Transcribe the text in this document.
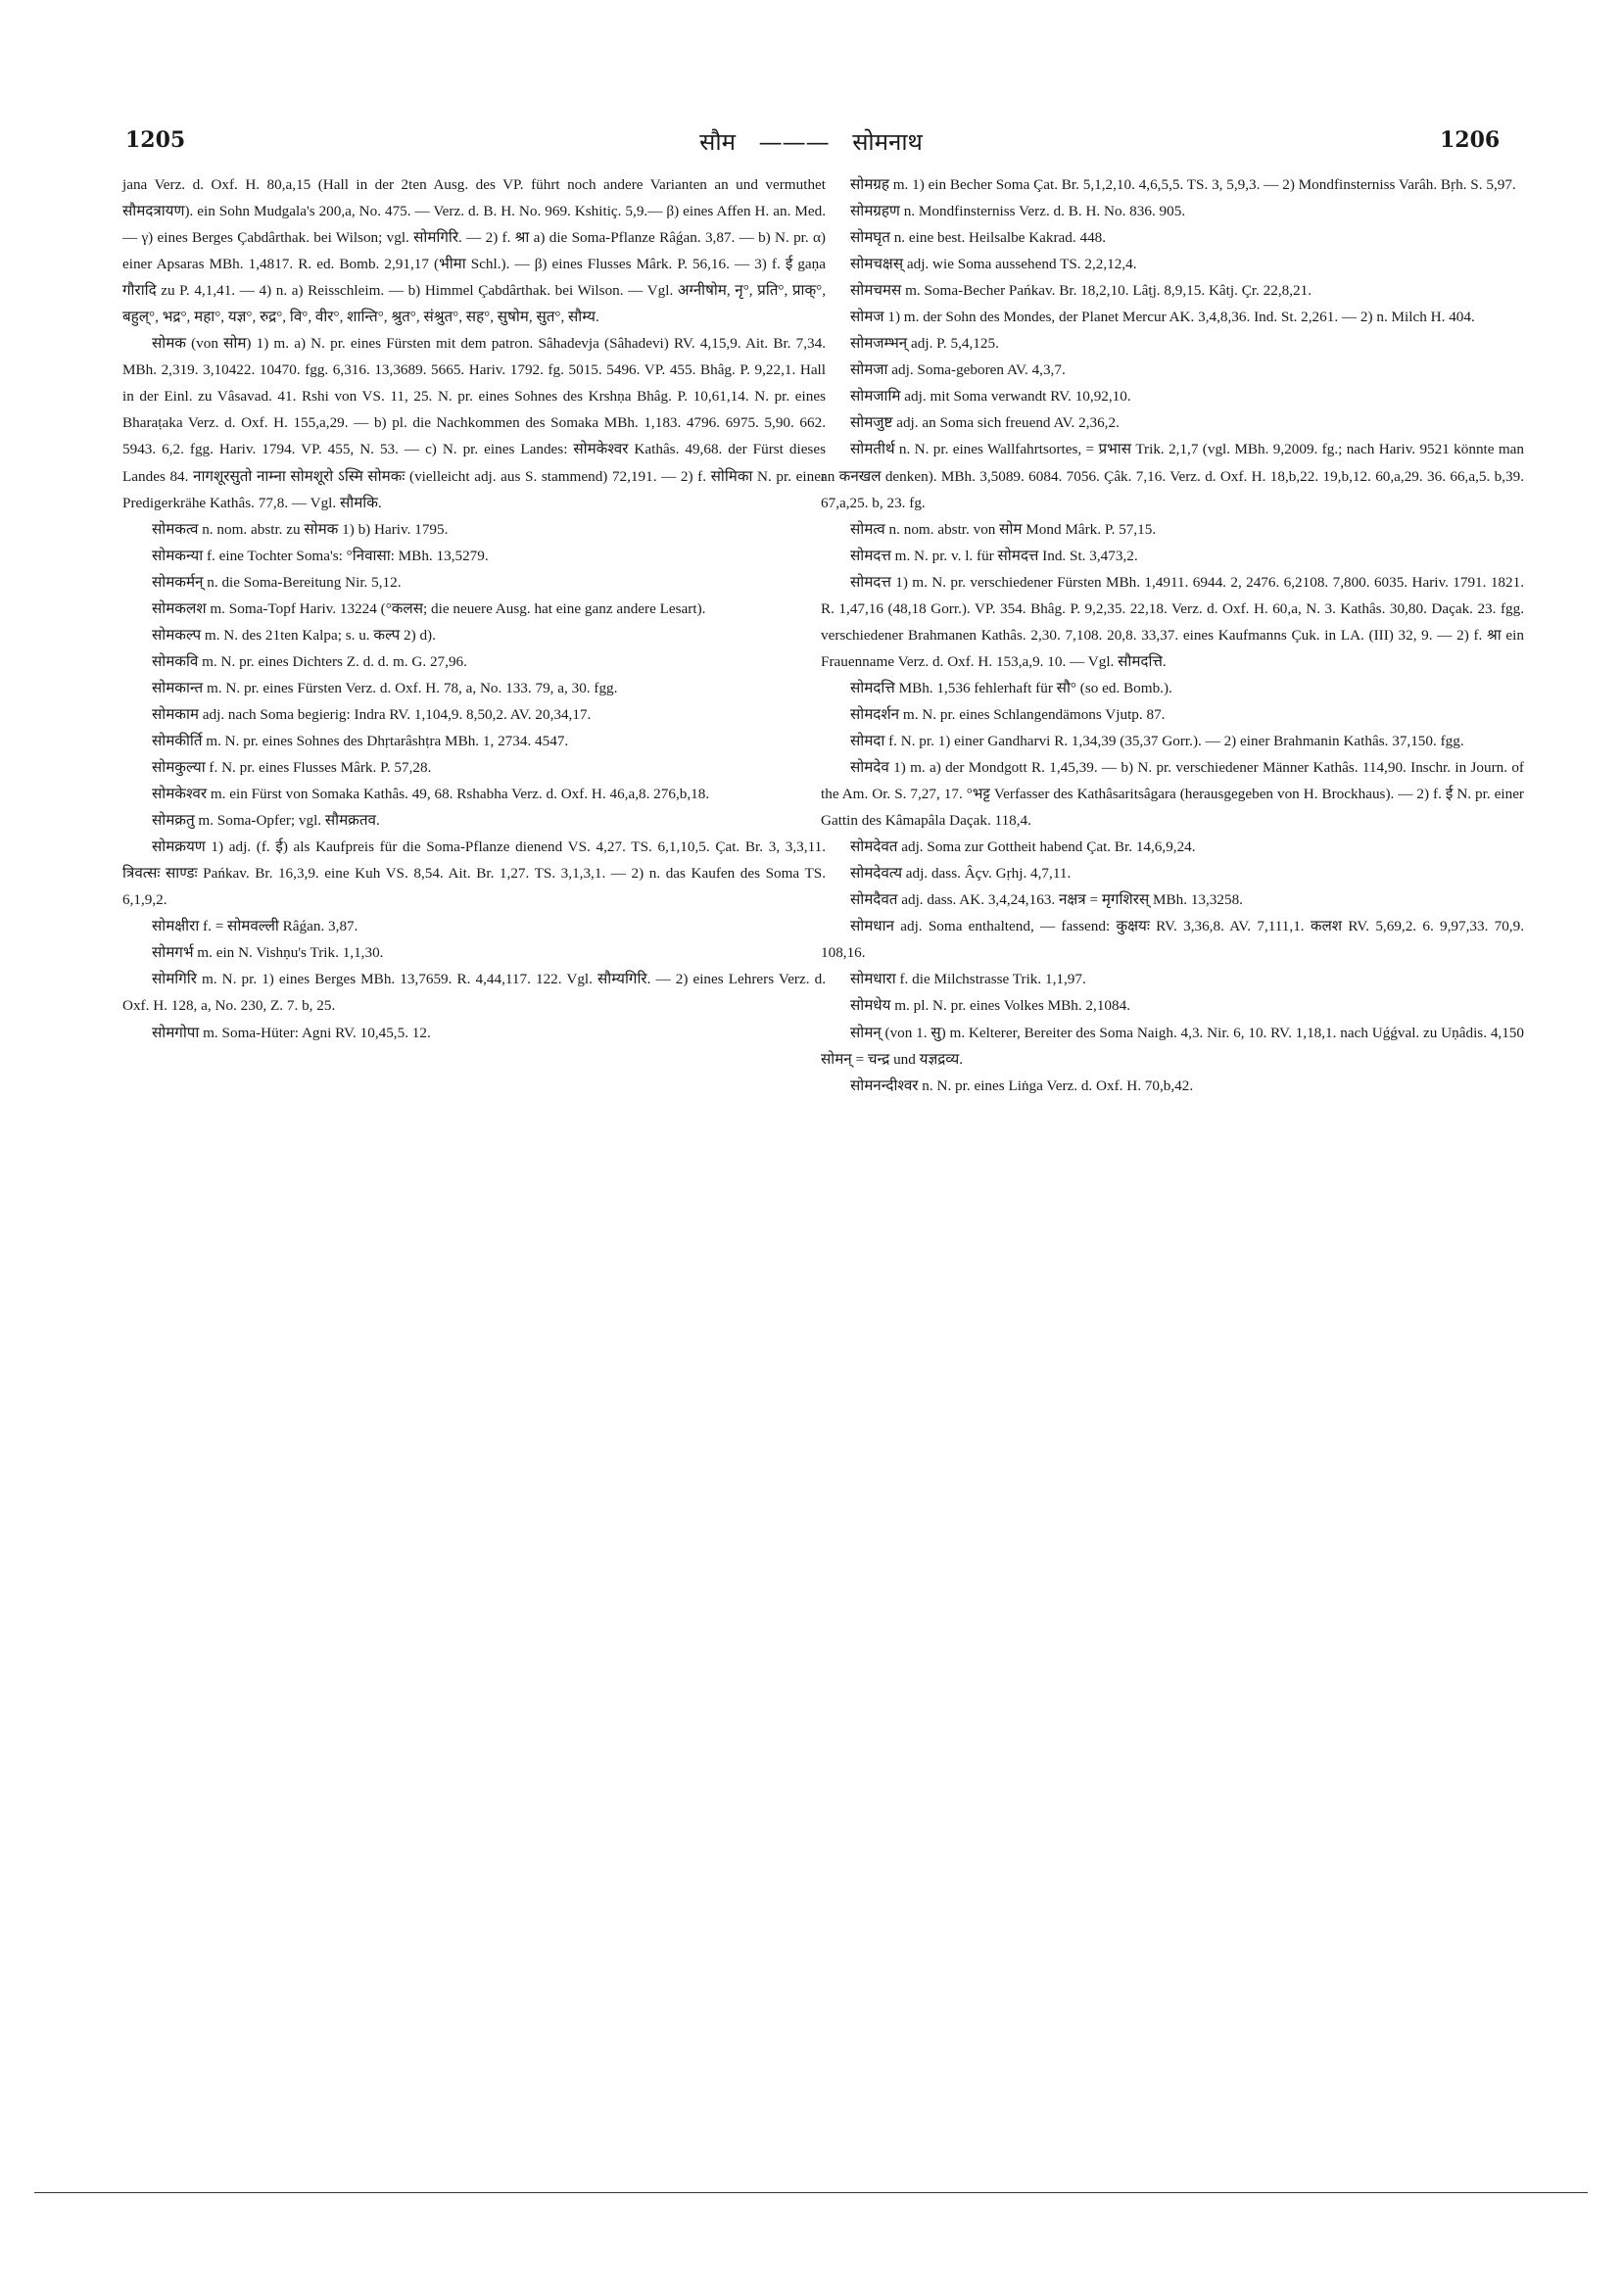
1205	सौम ——— सोमनाथ	1206

jana Verz. d. Oxf. H. 80,a,15 (Hall in der 2ten Ausg. des VP. führt noch andere Varianten an und vermuthet सौमदत्रायण). ein Sohn Mudgala's 200,a, No. 475. — Verz. d. B. H. No. 969. Kshitiç. 5,9.— β) eines Affen H. an. Med. — γ) eines Berges Çabdârthak. bei Wilson; vgl. सोमगिरि. — 2) f. श्रा a) die Soma-Pflanze Râǵan. 3,87. — b) N. pr. α) einer Apsaras MBh. 1,4817. R. ed. Bomb. 2,91,17 (भीमा Schl.). — β) eines Flusses Mârk. P. 56,16. — 3) f. ई gaṇa गौरादि zu P. 4,1,41. — 4) n. a) Reisschleim. — b) Himmel Çabdârthak. bei Wilson. — Vgl. अग्नीषोम, नृ°, प्रति°, प्राक्°, बहुल्°, भद्र°, महा°, यज्ञ°, रुद्र°, वि°, वीर°, शान्ति°, श्रुत°, संश्रुत°, सह°, सुषोम, सुत°, सौम्य.

सोमक (von सोम) 1) m. a) N. pr. eines Fürsten mit dem patron. Sâhadevja (Sâhadevi) RV. 4,15,9. Ait. Br. 7,34. MBh. 2,319. 3,10422. 10470. fgg. 6,316. 13,3689. 5665. Hariv. 1792. fg. 5015. 5496. VP. 455. Bhâg. P. 9,22,1. Hall in der Einl. zu Vâsavad. 41. Rshi von VS. 11, 25. N. pr. eines Sohnes des Krshṇa Bhâg. P. 10,61,14. N. pr. eines Bharaṭaka Verz. d. Oxf. H. 155,a,29. — b) pl. die Nachkommen des Somaka MBh. 1,183. 4796. 6975. 5,90. 662. 5943. 6,2. fgg. Hariv. 1794. VP. 455, N. 53. — c) N. pr. eines Landes: सोमकेश्वर Kathâs. 49,68. der Fürst dieses Landes 84. नागशूरसुतो नाम्ना सोमशूरो ऽस्मि सोमकः (vielleicht adj. aus S. stammend) 72,191. — 2) f. सोमिका N. pr. einer Predigerkrähe Kathâs. 77,8. — Vgl. सौमकि.

सोमकत्व n. nom. abstr. zu सोमक 1) b) Hariv. 1795.

सोमकन्या f. eine Tochter Soma's: °निवासा: MBh. 13,5279.

सोमकर्मन् n. die Soma-Bereitung Nir. 5,12.

सोमकलश m. Soma-Topf Hariv. 13224 (°कलस; die neuere Ausg. hat eine ganz andere Lesart).

सोमकल्प m. N. des 21ten Kalpa; s. u. कल्प 2) d).

सोमकवि m. N. pr. eines Dichters Z. d. d. m. G. 27,96.

सोमकान्त m. N. pr. eines Fürsten Verz. d. Oxf. H. 78, a, No. 133. 79, a, 30. fgg.

सोमकाम adj. nach Soma begierig: Indra RV. 1,104,9. 8,50,2. AV. 20,34,17.

सोमकीर्ति m. N. pr. eines Sohnes des Dhṛtarâshṭra MBh. 1, 2734. 4547.

सोमकुल्या f. N. pr. eines Flusses Mârk. P. 57,28.

सोमकेश्वर m. ein Fürst von Somaka Kathâs. 49, 68. Rshabha Verz. d. Oxf. H. 46,a,8. 276,b,18.

सोमक्रतु m. Soma-Opfer; vgl. सौमक्रतव.

सोमक्रयण 1) adj. (f. ई) als Kaufpreis für die Soma-Pflanze dienend VS. 4,27. TS. 6,1,10,5. Çat. Br. 3, 3,3,11. त्रिवत्सः साण्डः Pańkav. Br. 16,3,9. eine Kuh VS. 8,54. Ait. Br. 1,27. TS. 3,1,3,1. — 2) n. das Kaufen des Soma TS. 6,1,9,2.

सोमक्षीरा f. = सोमवल्ली Râǵan. 3,87.

सोमगर्भ m. ein N. Vishṇu's Trik. 1,1,30.

सोमगिरि m. N. pr. 1) eines Berges MBh. 13,7659. R. 4,44,117. 122. Vgl. सौम्यगिरि. — 2) eines Lehrers Verz. d. Oxf. H. 128, a, No. 230, Z. 7. b, 25.

सोमगोपा m. Soma-Hüter: Agni RV. 10,45,5. 12.

सोमग्रह m. 1) ein Becher Soma Çat. Br. 5,1,2,10. 4,6,5,5. TS. 3, 5,9,3. — 2) Mondfinsterniss Varâh. Bṛh. S. 5,97.

सोमग्रहण n. Mondfinsterniss Verz. d. B. H. No. 836. 905.

सोमघृत n. eine best. Heilsalbe Kakrad. 448.

सोमचक्षस् adj. wie Soma aussehend TS. 2,2,12,4.

सोमचमस m. Soma-Becher Pańkav. Br. 18,2,10. Lâṭj. 8,9,15. Kâtj. Çr. 22,8,21.

सोमज 1) m. der Sohn des Mondes, der Planet Mercur AK. 3,4,8,36. Ind. St. 2,261. — 2) n. Milch H. 404.

सोमजम्भन् adj. P. 5,4,125.

सोमजा adj. Soma-geboren AV. 4,3,7.

सोमजामि adj. mit Soma verwandt RV. 10,92,10.

सोमजुष्ट adj. an Soma sich freuend AV. 2,36,2.

सोमतीर्थ n. N. pr. eines Wallfahrtsortes, = प्रभास Trik. 2,1,7 (vgl. MBh. 9,2009. fg.; nach Hariv. 9521 könnte man an कनखल denken). MBh. 3,5089. 6084. 7056. Çâk. 7,16. Verz. d. Oxf. H. 18,b,22. 19,b,12. 60,a,29. 36. 66,a,5. b,39. 67,a,25. b, 23. fg.

सोमत्व n. nom. abstr. von सोम Mond Mârk. P. 57,15.

सोमदत्त m. N. pr. v. l. für सोमदत्त Ind. St. 3,473,2.

सोमदत्त 1) m. N. pr. verschiedener Fürsten MBh. 1,4911. 6944. 2, 2476. 6,2108. 7,800. 6035. Hariv. 1791. 1821. R. 1,47,16 (48,18 Gorr.). VP. 354. Bhâg. P. 9,2,35. 22,18. Verz. d. Oxf. H. 60,a, N. 3. Kathâs. 30,80. Daçak. 23. fgg. verschiedener Brahmanen Kathâs. 2,30. 7,108. 20,8. 33,37. eines Kaufmanns Çuk. in LA. (III) 32, 9. — 2) f. श्रा ein Frauenname Verz. d. Oxf. H. 153,a,9. 10. — Vgl. सौमदत्ति.

सोमदत्ति MBh. 1,536 fehlerhaft für सौ° (so ed. Bomb.).

सोमदर्शन m. N. pr. eines Schlangendämons Vjutp. 87.

सोमदा f. N. pr. 1) einer Gandharvi R. 1,34,39 (35,37 Gorr.). — 2) einer Brahmanin Kathâs. 37,150. fgg.

सोमदेव 1) m. a) der Mondgott R. 1,45,39. — b) N. pr. verschiedener Männer Kathâs. 114,90. Inschr. in Journ. of the Am. Or. S. 7,27, 17. °भट्ट Verfasser des Kathâsaritsâgara (herausgegeben von H. Brockhaus). — 2) f. ई N. pr. einer Gattin des Kâmapâla Daçak. 118,4.

सोमदेवत adj. Soma zur Gottheit habend Çat. Br. 14,6,9,24.

सोमदेवत्य adj. dass. Âçv. Gṛhj. 4,7,11.

सोमदैवत adj. dass. AK. 3,4,24,163. नक्षत्र = मृगशिरस् MBh. 13,3258.

सोमधान adj. Soma enthaltend, — fassend: कुक्षयः RV. 3,36,8. AV. 7,111,1. कलश RV. 5,69,2. 6. 9,97,33. 70,9. 108,16.

सोमधारा f. die Milchstrasse Trik. 1,1,97.

सोमधेय m. pl. N. pr. eines Volkes MBh. 2,1084.

सोमन् (von 1. सु) m. Kelterer, Bereiter des Soma Naigh. 4,3. Nir. 6, 10. RV. 1,18,1. nach Uǵǵval. zu Uṇâdis. 4,150 सोमन् = चन्द्र und यज्ञद्रव्य.

सोमनन्दीश्वर n. N. pr. eines Liṅga Verz. d. Oxf. H. 70,b,42.
